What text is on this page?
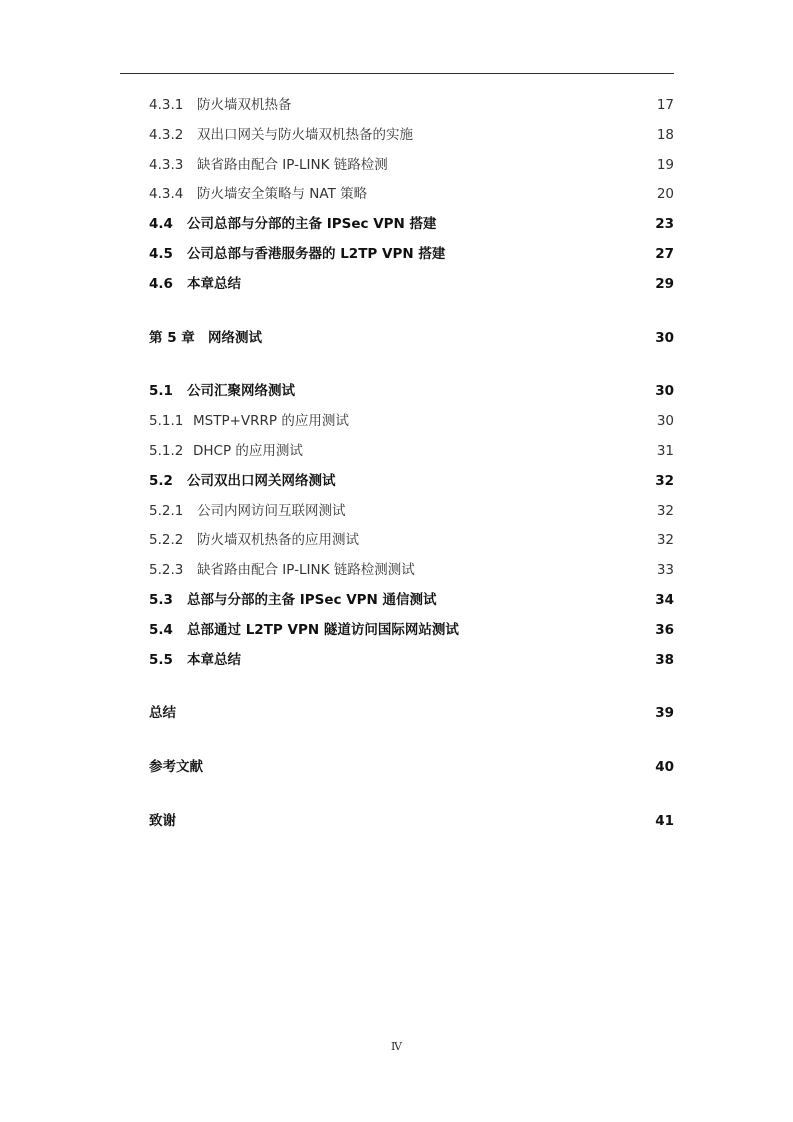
4.3.1 防火墙双机热备	17
4.3.2 双出口网关与防火墙双机热备的实施	18
4.3.3 缺省路由配合 IP-LINK 链路检测	19
4.3.4 防火墙安全策略与 NAT 策略	20
4.4 公司总部与分部的主备 IPSec VPN 搭建	23
4.5 公司总部与香港服务器的 L2TP VPN 搭建	27
4.6 本章总结	29
第 5 章 网络测试	30
5.1 公司汇聚网络测试	30
5.1.1 MSTP+VRRP 的应用测试	30
5.1.2 DHCP 的应用测试	31
5.2 公司双出口网关网络测试	32
5.2.1 公司内网访问互联网测试	32
5.2.2 防火墙双机热备的应用测试	32
5.2.3 缺省路由配合 IP-LINK 链路检测测试	33
5.3 总部与分部的主备 IPSec VPN 通信测试	34
5.4 总部通过 L2TP VPN 隧道访问国际网站测试	36
5.5 本章总结	38
总结	39
参考文献	40
致谢	41
Ⅳ
